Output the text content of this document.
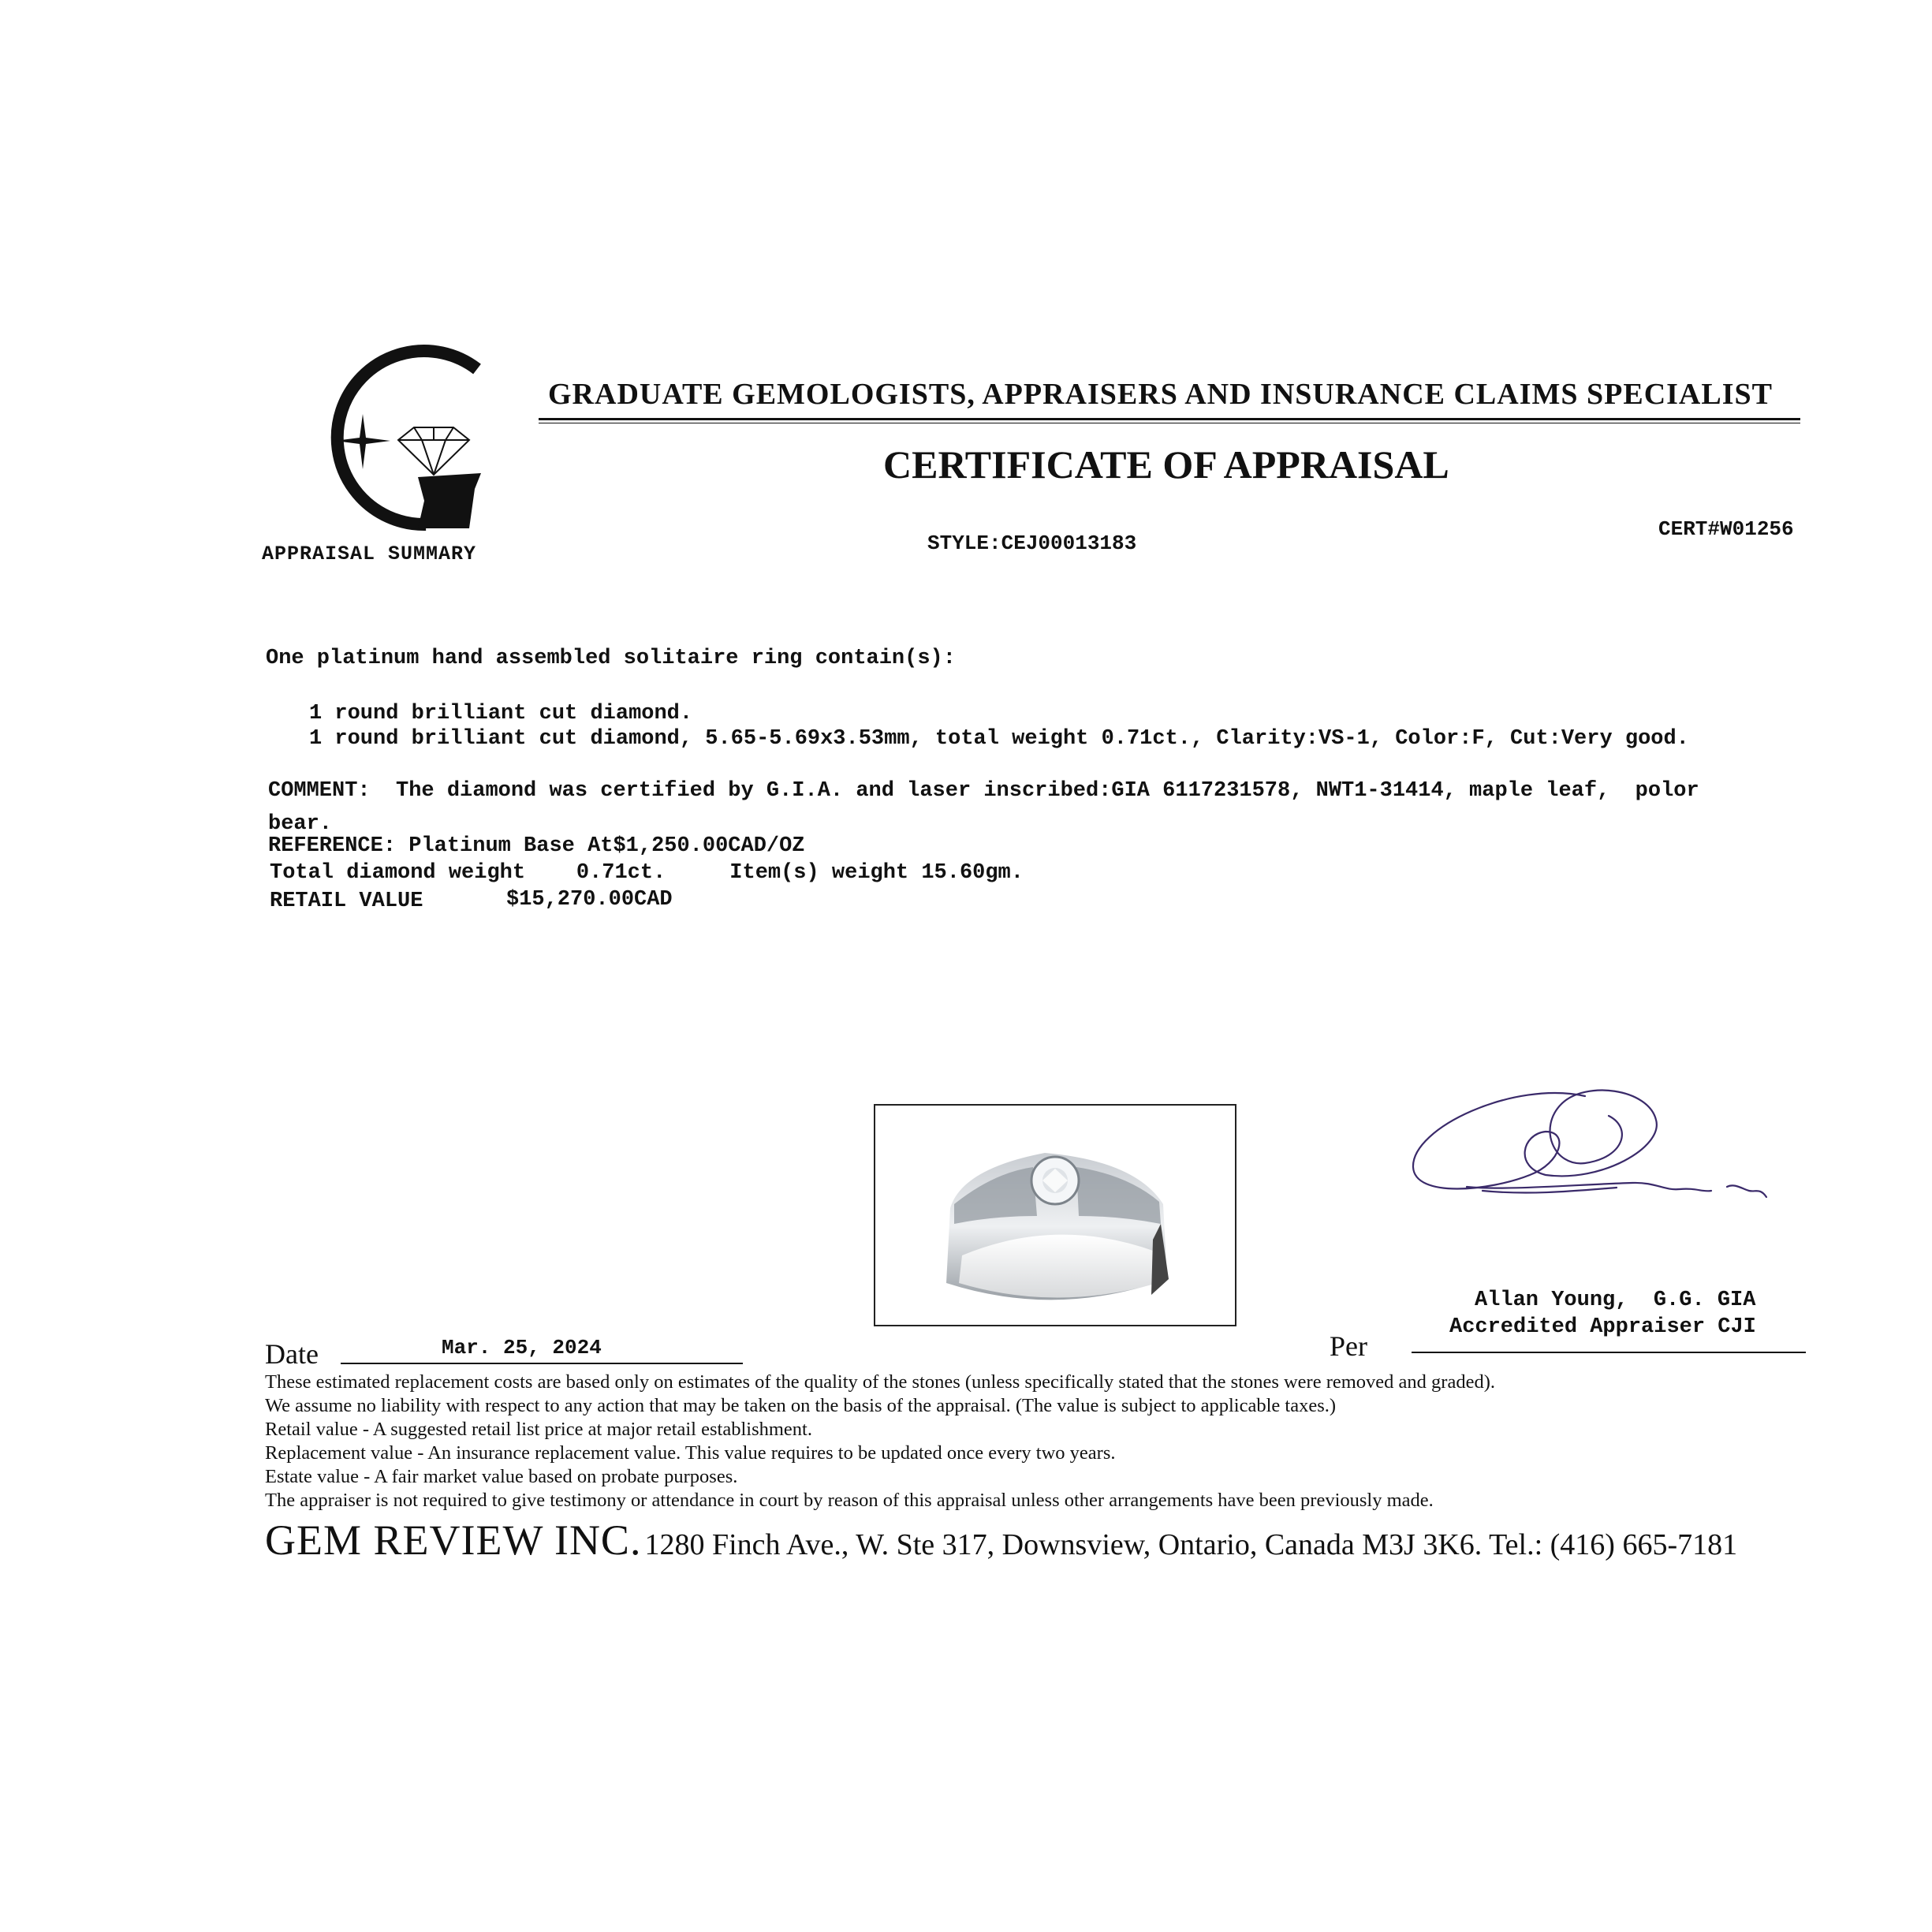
APPRAISAL SUMMARY
GRADUATE GEMOLOGISTS, APPRAISERS AND INSURANCE CLAIMS SPECIALIST
CERTIFICATE OF APPRAISAL
STYLE:CEJ00013183
CERT#W01256
One platinum hand assembled solitaire ring contain(s):
1 round brilliant cut diamond.
1 round brilliant cut diamond, 5.65-5.69x3.53mm, total weight 0.71ct., Clarity:VS-1, Color:F, Cut:Very good.
COMMENT:  The diamond was certified by G.I.A. and laser inscribed:GIA 6117231578, NWT1-31414, maple leaf,  polor
bear.
REFERENCE: Platinum Base At$1,250.00CAD/OZ
Total diamond weight    0.71ct.     Item(s) weight 15.60gm.
RETAIL VALUE	$15,270.00CAD
Allan Young,  G.G. GIA
Accredited Appraiser CJI
Date	Mar. 25, 2024	Per
These estimated replacement costs are based only on estimates of the quality of the stones (unless specifically stated that the stones were removed and graded).
We assume no liability with respect to any action that may be taken on the basis of the appraisal. (The value is subject to applicable taxes.)
Retail value - A suggested retail list price at major retail establishment.
Replacement value - An insurance replacement value. This value requires to be updated once every two years.
Estate value - A fair market value based on probate purposes.
The appraiser is not required to give testimony or attendance in court by reason of this appraisal unless other arrangements have been previously made.
GEM REVIEW INC. 1280 Finch Ave., W. Ste 317, Downsview, Ontario, Canada M3J 3K6. Tel.: (416) 665-7181
